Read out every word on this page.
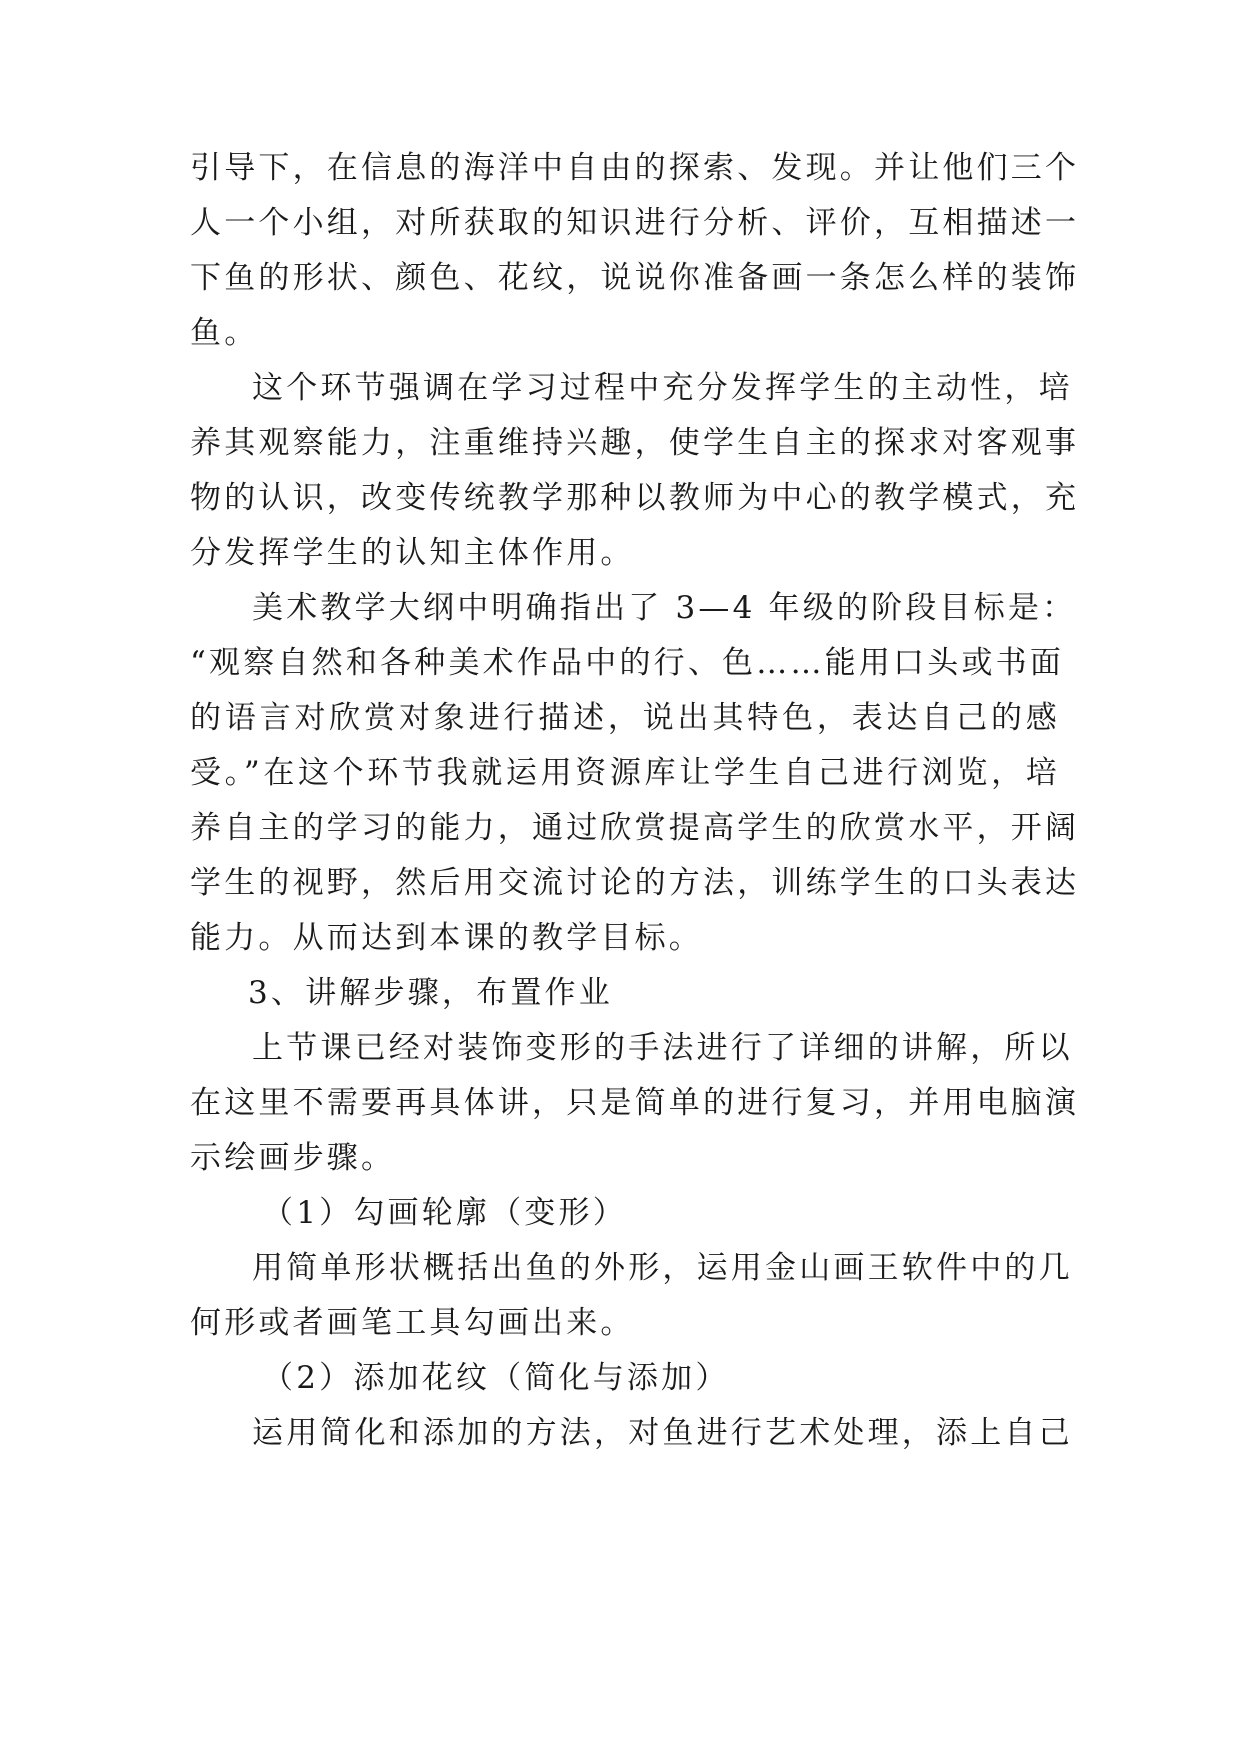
引导下，在信息的海洋中自由的探索、发现。并让他们三个
人一个小组，对所获取的知识进行分析、评价，互相描述一
下鱼的形状、颜色、花纹，说说你准备画一条怎么样的装饰
鱼。
这个环节强调在学习过程中充分发挥学生的主动性，培
养其观察能力，注重维持兴趣，使学生自主的探求对客观事
物的认识，改变传统教学那种以教师为中心的教学模式，充
分发挥学生的认知主体作用。
美术教学大纲中明确指出了 3—4 年级的阶段目标是：
“观察自然和各种美术作品中的行、色……能用口头或书面
的语言对欣赏对象进行描述，说出其特色，表达自己的感
受。”在这个环节我就运用资源库让学生自己进行浏览，培
养自主的学习的能力，通过欣赏提高学生的欣赏水平，开阔
学生的视野，然后用交流讨论的方法，训练学生的口头表达
能力。从而达到本课的教学目标。
3、讲解步骤，布置作业
上节课已经对装饰变形的手法进行了详细的讲解，所以
在这里不需要再具体讲，只是简单的进行复习，并用电脑演
示绘画步骤。
（1）勾画轮廓（变形）
用简单形状概括出鱼的外形，运用金山画王软件中的几
何形或者画笔工具勾画出来。
（2）添加花纹（简化与添加）
运用简化和添加的方法，对鱼进行艺术处理，添上自己
